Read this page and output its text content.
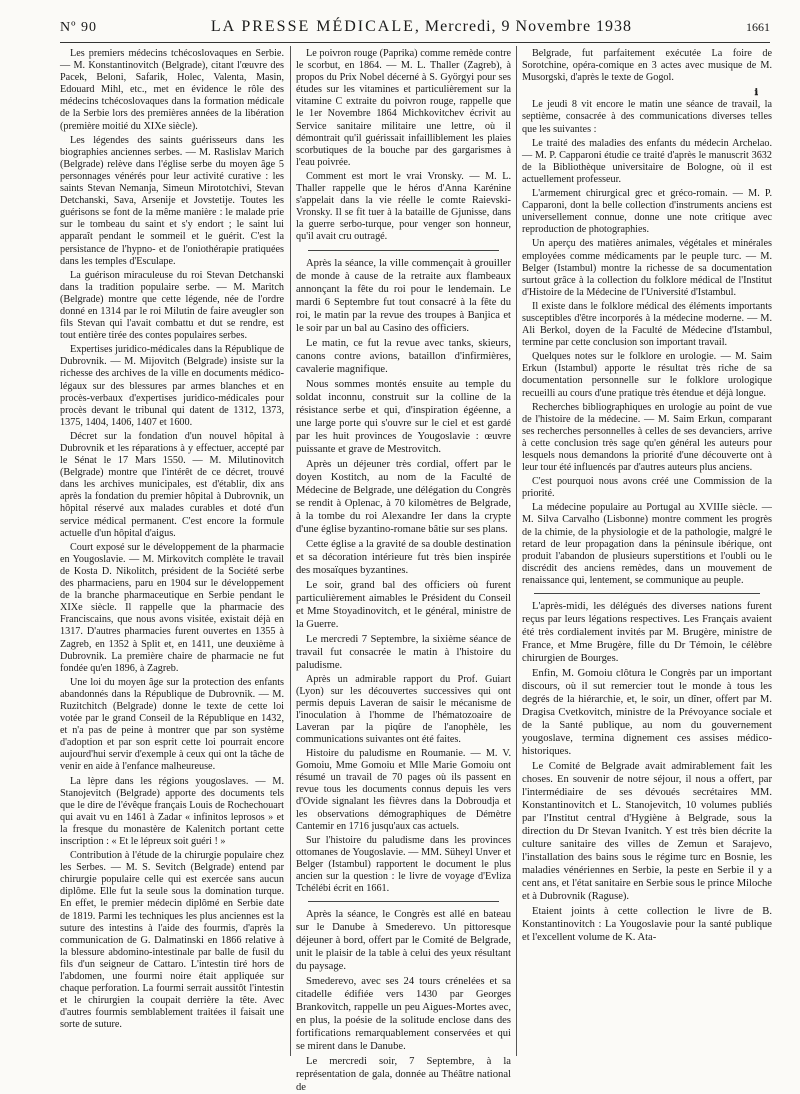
Nº 90	LA PRESSE MÉDICALE, Mercredi, 9 Novembre 1938	1661

Les premiers médecins tchécoslovaques en Serbie. — M. Konstantinovitch (Belgrade), citant l'œuvre des Pacek, Beloni, Safarik, Holec, Valenta, Masin, Edouard Mihl, etc., met en évidence le rôle des médecins tchécoslovaques dans la formation médicale de la Serbie lors des premières années de la libération (première moitié du XIXe siècle).

Les légendes des saints guérisseurs dans les biographies anciennes serbes. — M. Raslislav Marich (Belgrade) relève dans l'église serbe du moyen âge 5 personnages vénérés pour leur activité curative : les saints Stevan Nemanja, Simeun Mirototchivi, Stevan Detchanski, Sava, Arsenije et Jovstetije. Toutes les guérisons se font de la même manière : le malade prie sur le tombeau du saint et s'y endort ; le saint lui apparaît pendant le sommeil et le guérit. C'est la persistance de l'hypno- et de l'oniothérapie pratiquées dans les temples d'Esculape.

La guérison miraculeuse du roi Stevan Detchanski dans la tradition populaire serbe. — M. Maritch (Belgrade) montre que cette légende, née de l'ordre donné en 1314 par le roi Milutin de faire aveugler son fils Stevan qui l'avait combattu et dut se rendre, est tout entière tirée des contes populaires serbes.

Expertises juridico-médicales dans la République de Dubrovnik. — M. Mijovitch (Belgrade) insiste sur la richesse des archives de la ville en documents médico-légaux sur des blessures par armes blanches et en procès-verbaux d'expertises juridico-médicales pour procès devant le tribunal qui datent de 1312, 1373, 1375, 1404, 1406, 1407 et 1600.

Décret sur la fondation d'un nouvel hôpital à Dubrovnik et les réparations à y effectuer, accepté par le Sénat le 17 Mars 1550. — M. Milutinovitch (Belgrade) montre que l'intérêt de ce décret, trouvé dans les archives municipales, est d'établir, dix ans après la fondation du premier hôpital à Dubrovnik, un hôpital réservé aux malades curables et doté d'un service médical permanent. C'est encore la formule actuelle d'un hôpital d'aigus.

Court exposé sur le développement de la pharmacie en Yougoslavie. — M. Mirkovitch complète le travail de Kosta D. Nikolitch, président de la Société serbe des pharmaciens, paru en 1904 sur le développement de la branche pharmaceutique en Serbie pendant le XIXe siècle. Il rappelle que la pharmacie des Franciscains, que nous avons visitée, existait déjà en 1317. D'autres pharmacies furent ouvertes en 1355 à Zagreb, en 1352 à Split et, en 1411, une deuxième à Dubrovnik. La première chaire de pharmacie ne fut fondée qu'en 1896, à Zagreb.

Une loi du moyen âge sur la protection des enfants abandonnés dans la République de Dubrovnik. — M. Ruzitchitch (Belgrade) donne le texte de cette loi votée par le grand Conseil de la République en 1432, et n'a pas de peine à montrer que par son système d'adoption et par son esprit cette loi pourrait encore aujourd'hui servir d'exemple à ceux qui ont la tâche de venir en aide à l'enfance malheureuse.

La lèpre dans les régions yougoslaves. — M. Stanojevitch (Belgrade) apporte des documents tels que le dire de l'évêque français Louis de Rochechouart qui avait vu en 1461 à Zadar « infinitos leprosos » et la fresque du monastère de Kalenitch portant cette inscription : « Et le lépreux soit guéri ! »

Contribution à l'étude de la chirurgie populaire chez les Serbes. — M. S. Sevitch (Belgrade) entend par chirurgie populaire celle qui est exercée sans aucun diplôme. Elle fut la seule sous la domination turque. En effet, le premier médecin diplômé en Serbie date de 1819. Parmi les techniques les plus anciennes est la suture des intestins à l'aide des fourmis, d'après la communication de G. Dalmatinski en 1866 relative à la blessure abdomino-intestinale par balle de fusil du fils d'un seigneur de Cattaro. L'intestin tiré hors de l'abdomen, une fourmi noire était appliquée sur chaque perforation. La fourmi serrait aussitôt l'intestin et le chirurgien la coupait derrière la tête. Avec d'autres fourmis semblablement traitées il faisait une sorte de suture.

Le poivron rouge (Paprika) comme remède contre le scorbut, en 1864. — M. L. Thaller (Zagreb), à propos du Prix Nobel décerné à S. Györgyi pour ses études sur les vitamines et particulièrement sur la vitamine C extraite du poivron rouge, rappelle que le 1er Novembre 1864 Michkovitchev écrivit au Service sanitaire militaire une lettre, où il démontrait qu'il guérissait infailliblement les plaies scorbutiques de la bouche par des gargarismes à l'eau poivrée.

Comment est mort le vrai Vronsky. — M. L. Thaller rappelle que le héros d'Anna Karénine s'appelait dans la vie réelle le comte Raievski-Vronsky. Il se fit tuer à la bataille de Gjunisse, dans la guerre serbo-turque, pour venger son honneur, qu'il avait cru outragé.

Après la séance, la ville commençait à grouiller de monde à cause de la retraite aux flambeaux annonçant la fête du roi pour le lendemain. Le mardi 6 Septembre fut tout consacré à la fête du roi, le matin par la revue des troupes à Banjica et le soir par un bal au Casino des officiers.

Le matin, ce fut la revue avec tanks, skieurs, canons contre avions, bataillon d'infirmières, cavalerie magnifique.

Nous sommes montés ensuite au temple du soldat inconnu, construit sur la colline de la résistance serbe et qui, d'inspiration égéenne, a une large porte qui s'ouvre sur le ciel et est gardé par les huit provinces de Yougoslavie : œuvre puissante et grave de Mestrovitch.

Après un déjeuner très cordial, offert par le doyen Kostitch, au nom de la Faculté de Médecine de Belgrade, une délégation du Congrès se rendit à Oplenac, à 70 kilomètres de Belgrade, à la tombe du roi Alexandre Ier dans la crypte d'une église byzantino-romane bâtie sur ses plans.

Cette église a la gravité de sa double destination et sa décoration intérieure fut très bien inspirée des mosaïques byzantines.

Le soir, grand bal des officiers où furent particulièrement aimables le Président du Conseil et Mme Stoyadinovitch, et le général, ministre de la Guerre.

Le mercredi 7 Septembre, la sixième séance de travail fut consacrée le matin à l'histoire du paludisme.

Après un admirable rapport du Prof. Guiart (Lyon) sur les découvertes successives qui ont permis depuis Laveran de saisir le mécanisme de l'inoculation à l'homme de l'hématozoaire de Laveran par la piqûre de l'anophèle, les communications suivantes ont été faites.

Histoire du paludisme en Roumanie. — M. V. Gomoiu, Mme Gomoiu et Mlle Marie Gomoiu ont résumé un travail de 70 pages où ils passent en revue tous les documents connus depuis les vers d'Ovide signalant les fièvres dans la Dobroudja et les observations démographiques de Démètre Cantemir en 1716 jusqu'aux cas actuels.

Sur l'histoire du paludisme dans les provinces ottomanes de Yougoslavie. — MM. Süheyl Unver et Belger (Istambul) rapportent le document le plus ancien sur la question : le livre de voyage d'Evliza Tchélébi écrit en 1661.

Après la séance, le Congrès est allé en bateau sur le Danube à Smederevo. Un pittoresque déjeuner à bord, offert par le Comité de Belgrade, unit le plaisir de la table à celui des yeux résultant du paysage.

Smederevo, avec ses 24 tours crénelées et sa citadelle édifiée vers 1430 par Georges Brankovitch, rappelle un peu Aigues-Mortes avec, en plus, la poésie de la solitude enclose dans des fortifications remarquablement conservées et qui se mirent dans le Danube.

Le mercredi soir, 7 Septembre, à la représentation de gala, donnée au Théâtre national de

Belgrade, fut parfaitement exécutée La foire de Sorotchine, opéra-comique en 3 actes avec musique de M. Musorgski, d'après le texte de Gogol.

ℹ

Le jeudi 8 vit encore le matin une séance de travail, la septième, consacrée à des communications diverses telles que les suivantes :

Le traité des maladies des enfants du médecin Archelao. — M. P. Capparoni étudie ce traité d'après le manuscrit 3632 de la Bibliothèque universitaire de Bologne, où il est actuellement professeur.

L'armement chirurgical grec et gréco-romain. — M. P. Capparoni, dont la belle collection d'instruments anciens est universellement connue, donne une note critique avec reproduction de photographies.

Un aperçu des matières animales, végétales et minérales employées comme médicaments par le peuple turc. — M. Belger (Istambul) montre la richesse de sa documentation surtout grâce à la collection du folklore médical de l'Institut d'Histoire de la Médecine de l'Université d'Istambul.

Il existe dans le folklore médical des éléments importants susceptibles d'être incorporés à la médecine moderne. — M. Ali Berkol, doyen de la Faculté de Médecine d'Istambul, termine par cette conclusion son important travail.

Quelques notes sur le folklore en urologie. — M. Saim Erkun (Istambul) apporte le résultat très riche de sa documentation personnelle sur le folklore urologique recueilli au cours d'une pratique très étendue et déjà longue.

Recherches bibliographiques en urologie au point de vue de l'histoire de la médecine. — M. Saim Erkun, comparant ses recherches personnelles à celles de ses devanciers, arrive à cette conclusion très sage qu'en général les auteurs pour lesquels nous demandons la priorité d'une découverte ont à leur tour été influencés par d'autres auteurs plus anciens.

C'est pourquoi nous avons créé une Commission de la priorité.

La médecine populaire au Portugal au XVIIIe siècle. — M. Silva Carvalho (Lisbonne) montre comment les progrès de la chimie, de la physiologie et de la pathologie, malgré le retard de leur propagation dans la péninsule ibérique, ont produit l'abandon de plusieurs superstitions et l'oubli ou le discrédit des anciens remèdes, dans un mouvement de renaissance qui, lentement, se communique au peuple.

L'après-midi, les délégués des diverses nations furent reçus par leurs légations respectives. Les Français avaient été très cordialement invités par M. Brugère, ministre de France, et Mme Brugère, fille du Dr Témoin, le célèbre chirurgien de Bourges.

Enfin, M. Gomoiu clôtura le Congrès par un important discours, où il sut remercier tout le monde à tous les degrés de la hiérarchie, et, le soir, un dîner, offert par M. Dragisa Cvetkovitch, ministre de la Prévoyance sociale et de la Santé publique, au nom du gouvernement yougoslave, termina dignement ces assises médico-historiques.

Le Comité de Belgrade avait admirablement fait les choses. En souvenir de notre séjour, il nous a offert, par l'intermédiaire de ses dévoués secrétaires MM. Konstantinovitch et L. Stanojevitch, 10 volumes publiés par l'Institut central d'Hygiène à Belgrade, sous la direction du Dr Stevan Ivanitch. Y est très bien décrite la culture sanitaire des villes de Zemun et Sarajevo, l'installation des bains sous le régime turc en Bosnie, les maladies vénériennes en Serbie, la peste en Serbie il y a cent ans, et l'état sanitaire en Serbie sous le prince Miloche et à Dubrovnik (Raguse).

Etaient joints à cette collection le livre de B. Konstantinovitch : La Yougoslavie pour la santé publique et l'excellent volume de K. Ata-
